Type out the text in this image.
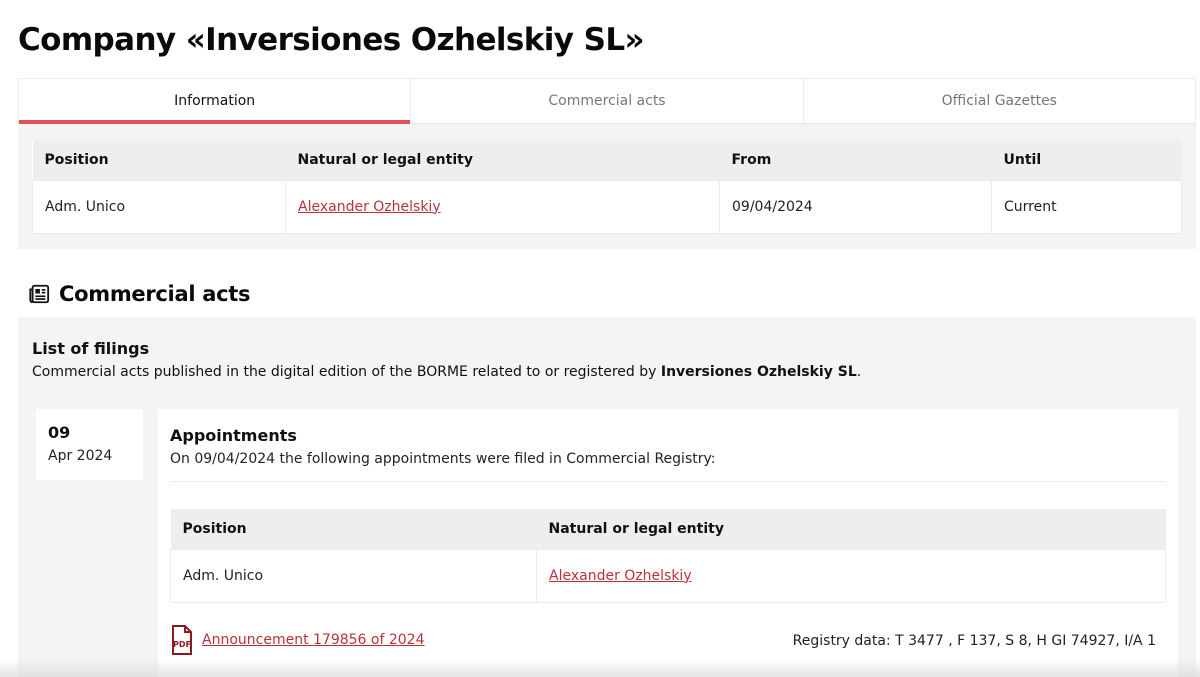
Company «Inversiones Ozhelskiy SL»
Information	Commercial acts	Official Gazettes
Position	Natural or legal entity	From	Until
Adm. Unico	Alexander Ozhelskiy	09/04/2024	Current
Commercial acts
List of filings

Commercial acts published in the digital edition of the BORME related to or registered by Inversiones Ozhelskiy SL.

09
Apr 2024
Appointments

On 09/04/2024 the following appointments were filed in Commercial Registry:

Position	Natural or legal entity
Adm. Unico	Alexander Ozhelskiy
PDF Announcement 179856 of 2024	Registry data: T 3477 , F 137, S 8, H GI 74927, I/A 1
